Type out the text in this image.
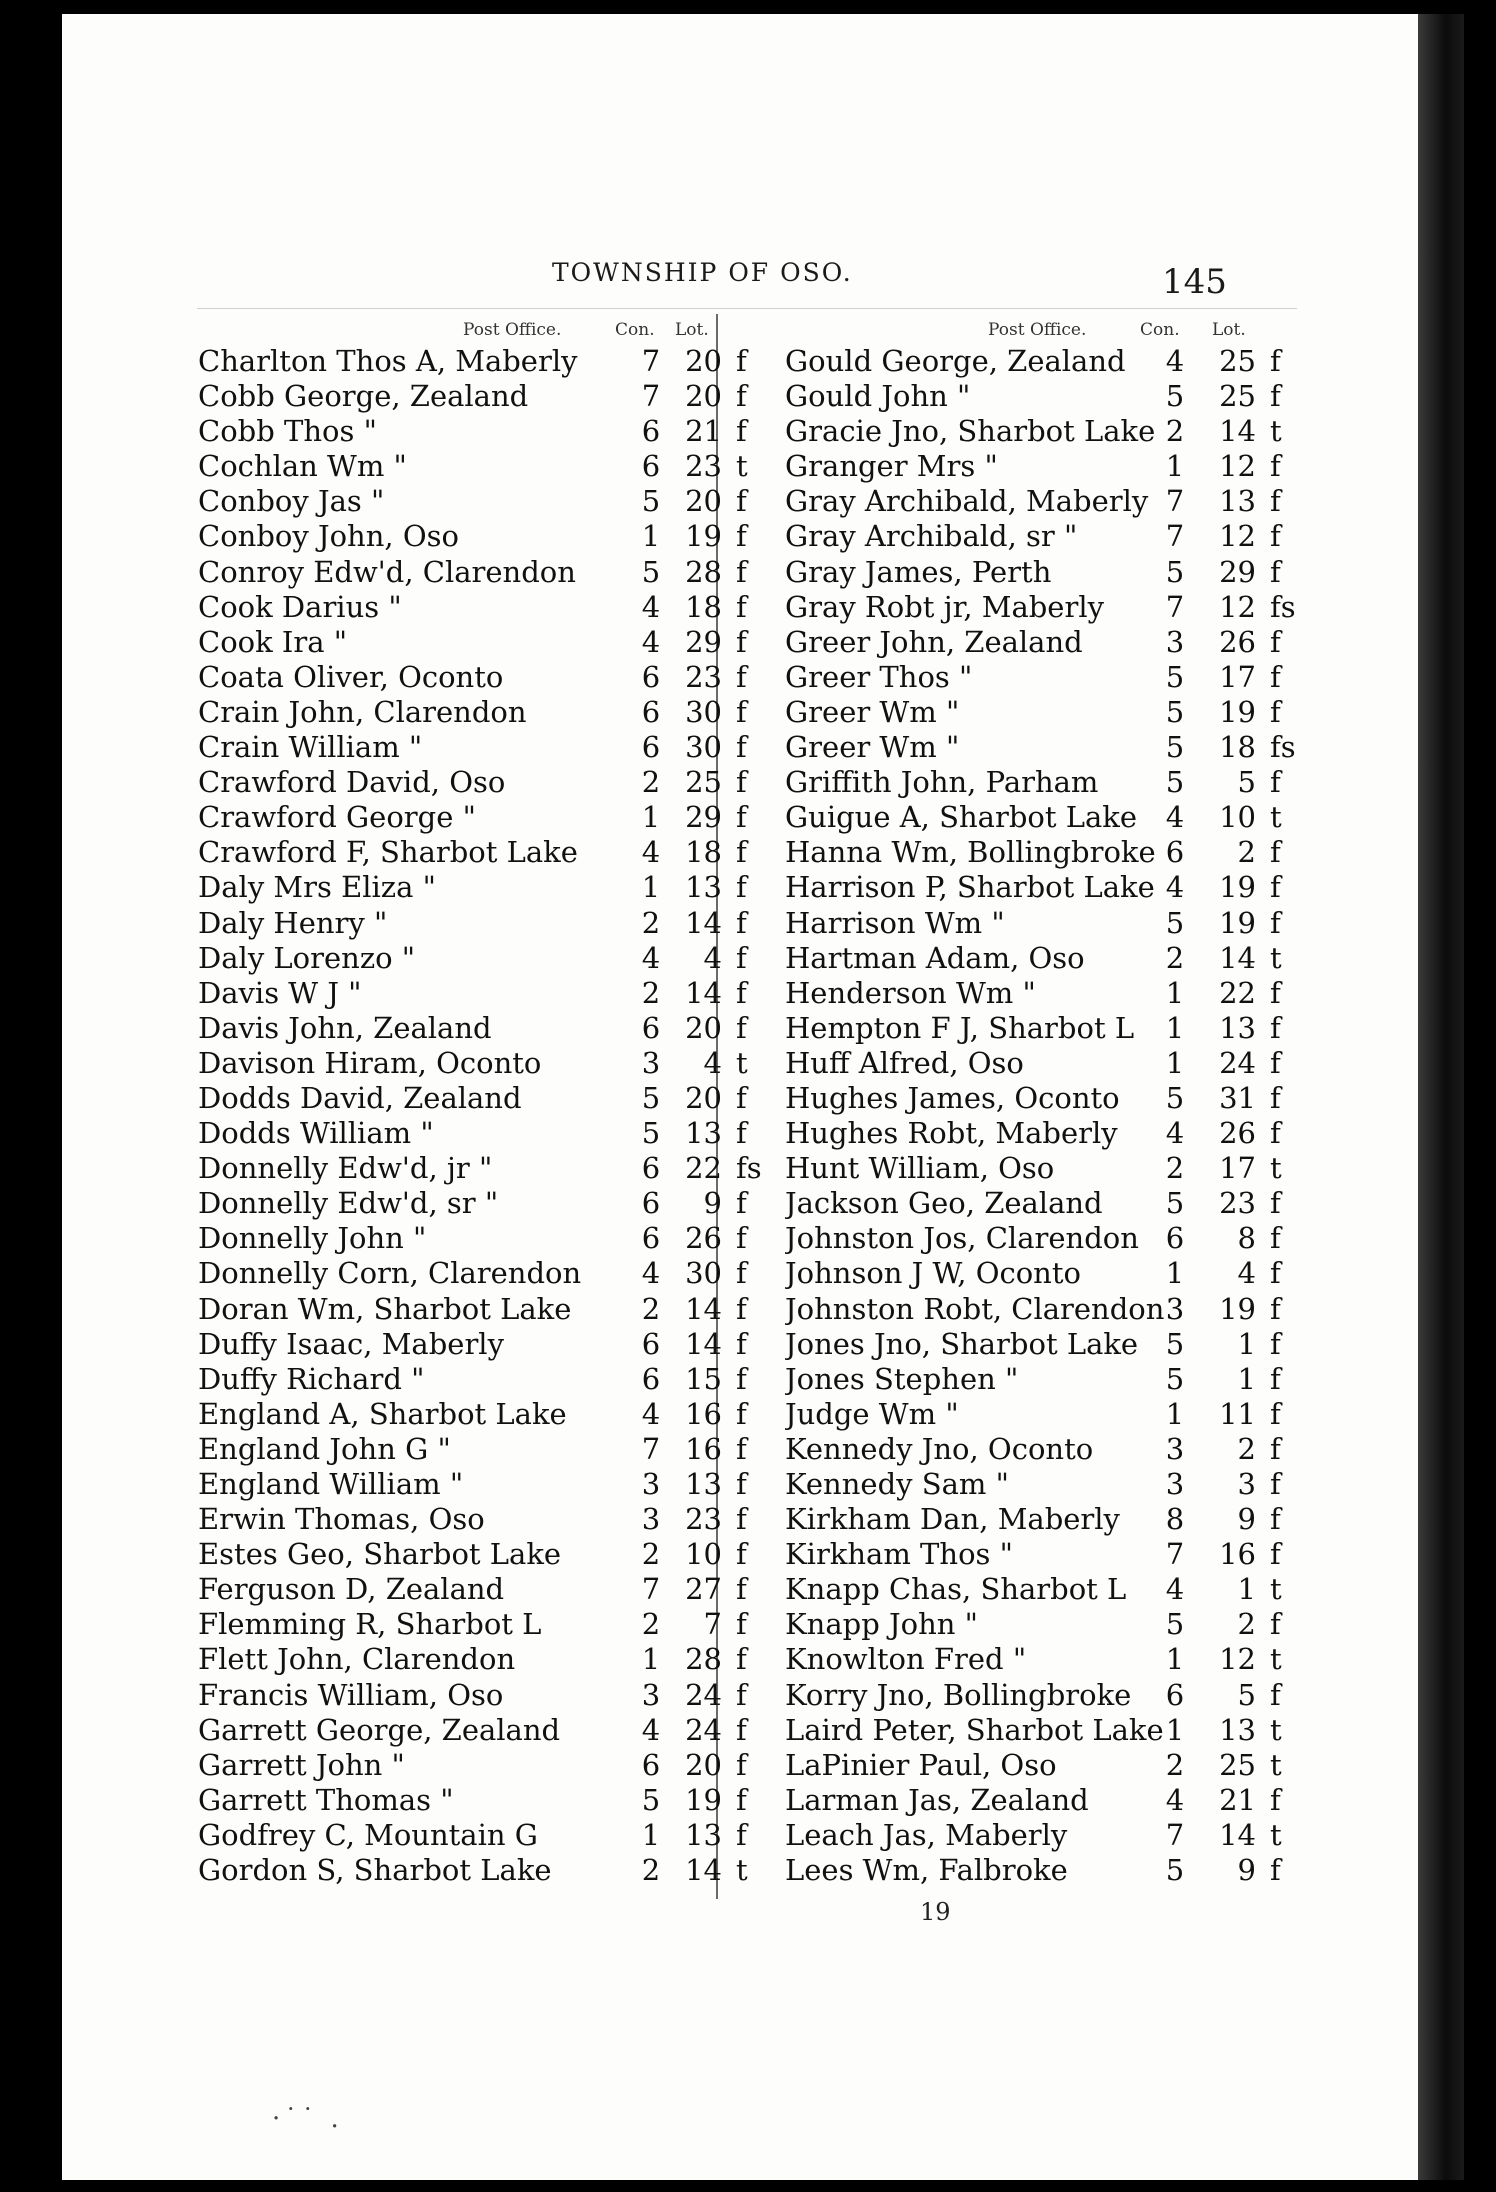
TOWNSHIP OF OSO.	145
Post Office.	Con. Lot.
Charlton Thos A, Maberly	7 20 f
Cobb George, Zealand	7 20 f
Cobb Thos "	6 21 f
Cochlan Wm "	6 23 t
Conboy Jas "	5 20 f
Conboy John, Oso	1 19 f
Conroy Edw'd, Clarendon	5 28 f
Cook Darius "	4 18 f
Cook Ira "	4 29 f
Coata Oliver, Oconto	6 23 f
Crain John, Clarendon	6 30 f
Crain William "	6 30 f
Crawford David, Oso	2 25 f
Crawford George "	1 29 f
Crawford F, Sharbot Lake	4 18 f
Daly Mrs Eliza "	1 13 f
Daly Henry "	2 14 f
Daly Lorenzo "	4	4 f
Davis W J "	2 14 f
Davis John, Zealand	6 20 f
Davison Hiram, Oconto	3	4 t
Dodds David, Zealand	5 20 f
Dodds William "	5 13 f
Donnelly Edw'd, jr "	6 22 fs
Donnelly Edw'd, sr "	6	9 f
Donnelly John "	6 26 f
Donnelly Corn, Clarendon	4 30 f
Doran Wm, Sharbot Lake	2 14 f
Duffy Isaac, Maberly	6 14 f
Duffy Richard "	6 15 f
England A, Sharbot Lake	4 16 f
England John G "	7 16 f
England William "	3 13 f
Erwin Thomas, Oso	3 23 f
Estes Geo, Sharbot Lake	2 10 f
Ferguson D, Zealand	7 27 f
Flemming R, Sharbot L	2	7 f
Flett John, Clarendon	1 28 f
Francis William, Oso	3 24 f
Garrett George, Zealand	4 24 f
Garrett John "	6 20 f
Garrett Thomas "	5 19 f
Godfrey C, Mountain G	1 13 f
Gordon S, Sharbot Lake	2 14 t
Post Office.	Con. Lot.
Gould George, Zealand	4	25 f
Gould John "	5	25 f
Gracie Jno, Sharbot Lake 2	14 t
Granger Mrs "	1	12 f
Gray Archibald, Maberly 7	13 f
Gray Archibald, sr "	7	12 f
Gray James, Perth	5	29 f
Gray Robt jr, Maberly	7	12 fs
Greer John, Zealand	3	26 f
Greer Thos "	5	17 f
Greer Wm "	5	19 f
Greer Wm "	5	18 fs
Griffith John, Parham	5	5 f
Guigue A, Sharbot Lake 4	10 t
Hanna Wm, Bollingbroke 6	2 f
Harrison P, Sharbot Lake 4	19 f
Harrison Wm "	5	19 f
Hartman Adam, Oso	2	14 t
Henderson Wm "	1	22 f
Hempton F J, Sharbot L	1	13 f
Huff Alfred, Oso	1	24 f
Hughes James, Oconto	5	31 f
Hughes Robt, Maberly	4	26 f
Hunt William, Oso	2	17 t
Jackson Geo, Zealand	5	23 f
Johnston Jos, Clarendon 6	8 f
Johnson J W, Oconto	1	4 f
Johnston Robt, Clarendon 3	19 f
Jones Jno, Sharbot Lake 5	1 f
Jones Stephen "	5	1 f
Judge Wm "	1	11 f
Kennedy Jno, Oconto	3	2 f
Kennedy Sam "	3	3 f
Kirkham Dan, Maberly	8	9 f
Kirkham Thos "	7	16 f
Knapp Chas, Sharbot L	4	1 t
Knapp John "	5	2 f
Knowlton Fred "	1	12 t
Korry Jno, Bollingbroke	6	5 f
Laird Peter, Sharbot Lake 1	13 t
LaPinier Paul, Oso	2	25 t
Larman Jas, Zealand	4	21 f
Leach Jas, Maberly	7	14 t
Lees Wm, Falbroke	5	9 f
19
·˙˙ .
